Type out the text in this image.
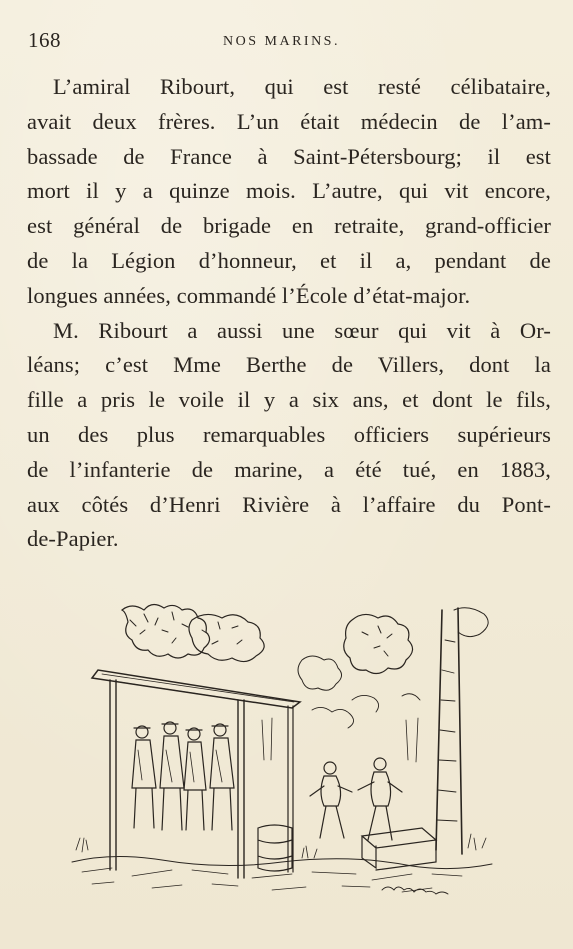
168	NOS MARINS.
L’amiral Ribourt, qui est resté célibataire,
avait deux frères. L’un était médecin de l’am-
bassade de France à Saint-Pétersbourg; il est
mort il y a quinze mois. L’autre, qui vit encore,
est général de brigade en retraite, grand-officier
de la Légion d’honneur, et il a, pendant de
longues années, commandé l’École d’état-major.
M. Ribourt a aussi une sœur qui vit à Or-
léans; c’est Mme Berthe de Villers, dont la
fille a pris le voile il y a six ans, et dont le fils,
un des plus remarquables officiers supérieurs
de l’infanterie de marine, a été tué, en 1883,
aux côtés d’Henri Rivière à l’affaire du Pont-
de-Papier.
